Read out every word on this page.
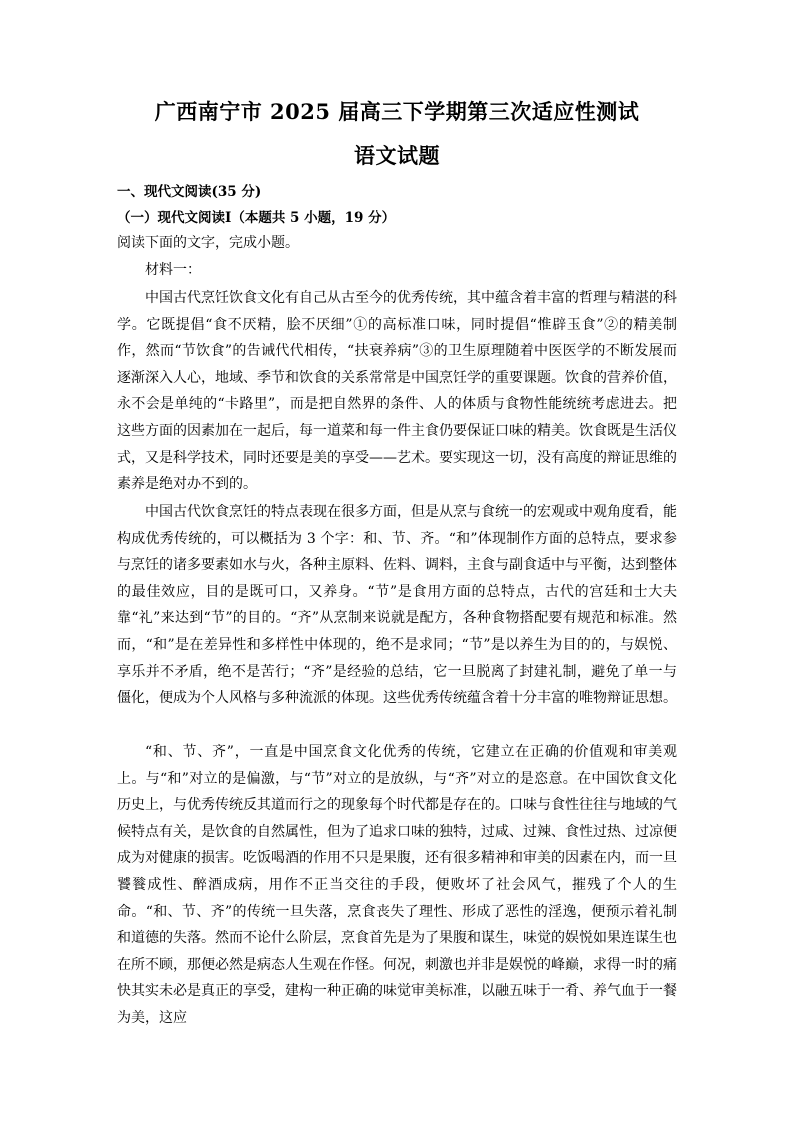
广西南宁市 2025 届高三下学期第三次适应性测试
语文试题
一、现代文阅读(35 分)
（一）现代文阅读Ⅰ（本题共 5 小题，19 分）
阅读下面的文字，完成小题。
材料一：

中国古代烹饪饮食文化有自己从古至今的优秀传统，其中蕴含着丰富的哲理与精湛的科学。它既提倡“食不厌精，脍不厌细”①的高标准口味，同时提倡“惟辟玉食”②的精美制作，然而“节饮食”的告诫代代相传，“扶衰养病”③的卫生原理随着中医医学的不断发展而逐渐深入人心，地域、季节和饮食的关系常常是中国烹饪学的重要课题。饮食的营养价值，永不会是单纯的“卡路里”，而是把自然界的条件、人的体质与食物性能统统考虑进去。把这些方面的因素加在一起后，每一道菜和每一件主食仍要保证口味的精美。饮食既是生活仪式，又是科学技术，同时还要是美的享受——艺术。要实现这一切，没有高度的辩证思维的素养是绝对办不到的。

中国古代饮食烹饪的特点表现在很多方面，但是从烹与食统一的宏观或中观角度看，能构成优秀传统的，可以概括为 3 个字：和、节、齐。“和”体现制作方面的总特点，要求参与烹饪的诸多要素如水与火，各种主原料、佐料、调料，主食与副食适中与平衡，达到整体的最佳效应，目的是既可口，又养身。“节”是食用方面的总特点，古代的宫廷和士大夫靠“礼”来达到“节”的目的。“齐”从烹制来说就是配方，各种食物搭配要有规范和标准。然而，“和”是在差异性和多样性中体现的，绝不是求同；“节”是以养生为目的的，与娱悦、享乐并不矛盾，绝不是苦行；“齐”是经验的总结，它一旦脱离了封建礼制，避免了单一与僵化，便成为个人风格与多种流派的体现。这些优秀传统蕴含着十分丰富的唯物辩证思想。

“和、节、齐”，一直是中国烹食文化优秀的传统，它建立在正确的价值观和审美观上。与“和”对立的是偏激，与“节”对立的是放纵，与“齐”对立的是恣意。在中国饮食文化历史上，与优秀传统反其道而行之的现象每个时代都是存在的。口味与食性往往与地域的气候特点有关，是饮食的自然属性，但为了追求口味的独特，过咸、过辣、食性过热、过凉便成为对健康的损害。吃饭喝酒的作用不只是果腹，还有很多精神和审美的因素在内，而一旦饕餮成性、醉酒成病，用作不正当交往的手段，便败坏了社会风气，摧残了个人的生命。“和、节、齐”的传统一旦失落，烹食丧失了理性、形成了恶性的淫逸，便预示着礼制和道德的失落。然而不论什么阶层，烹食首先是为了果腹和谋生，味觉的娱悦如果连谋生也在所不顾，那便必然是病态人生观在作怪。何况，刺激也并非是娱悦的峰巅，求得一时的痛快其实未必是真正的享受，建构一种正确的味觉审美标准，以融五味于一肴、养气血于一餐为美，这应
